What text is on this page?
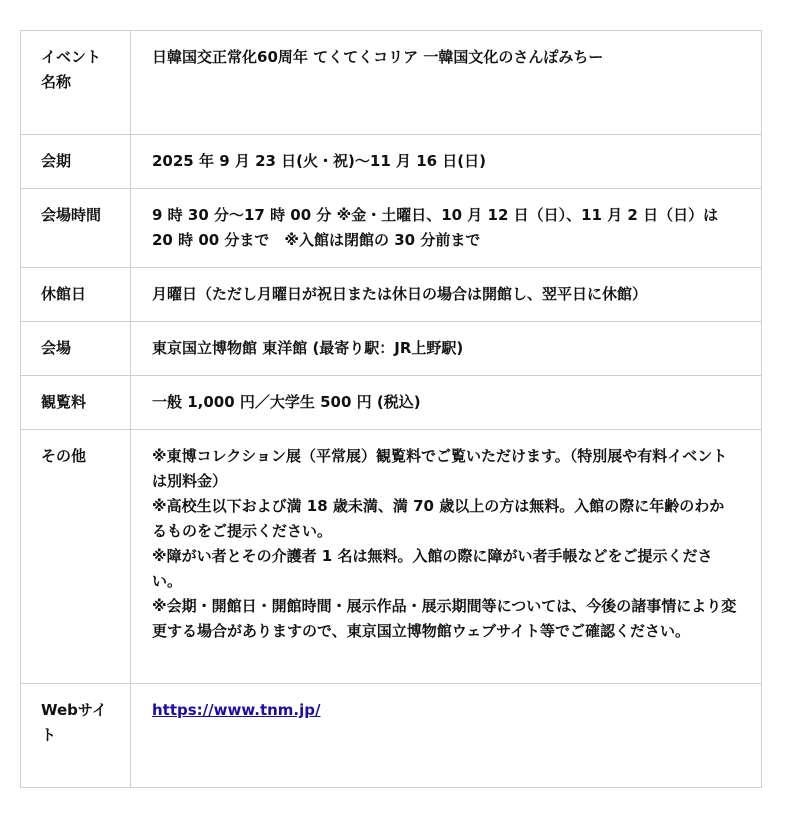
イベント名称	日韓国交正常化60周年 てくてくコリア 一韓国文化のさんぽみちー
会期	2025 年 9 月 23 日(火・祝)〜11 月 16 日(日)
会場時間	9 時 30 分〜17 時 00 分 ※金・土曜日、10 月 12 日（日）、11 月 2 日（日）は 20 時 00 分まで　※入館は閉館の 30 分前まで
休館日	月曜日（ただし月曜日が祝日または休日の場合は開館し、翌平日に休館）
会場	東京国立博物館 東洋館 (最寄り駅：JR上野駅)
観覧料	一般 1,000 円／大学生 500 円 (税込)
その他	※東博コレクション展（平常展）観覧料でご覧いただけます。（特別展や有料イベントは別料金）
※高校生以下および満 18 歳未満、満 70 歳以上の方は無料。入館の際に年齢のわかるものをご提示ください。
※障がい者とその介護者 1 名は無料。入館の際に障がい者手帳などをご提示ください。
※会期・開館日・開館時間・展示作品・展示期間等については、今後の諸事情により変更する場合がありますので、東京国立博物館ウェブサイト等でご確認ください。

Webサイト	https://www.tnm.jp/
